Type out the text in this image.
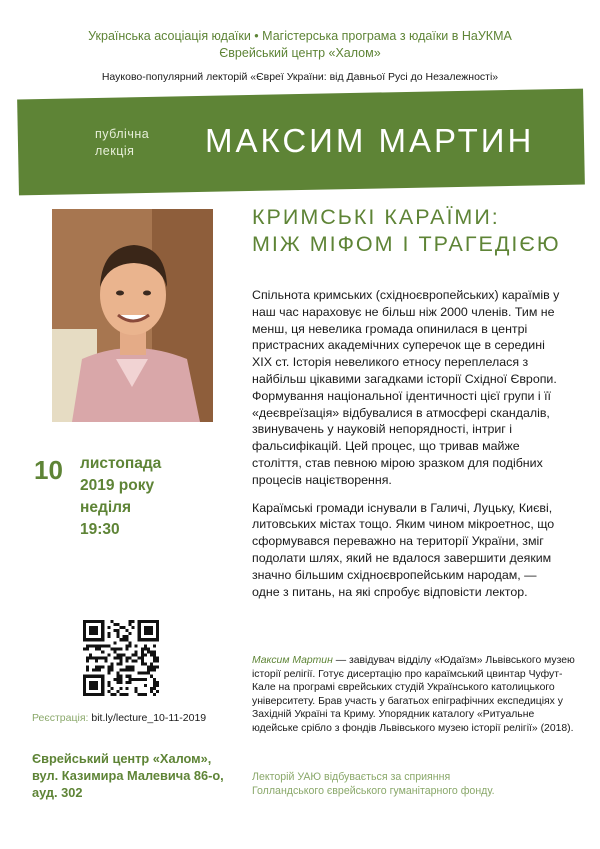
Українська асоціація юдаїки • Магістерська програма з юдаїки в НаУКМА
Єврейський центр «Халом»
Науково-популярний лекторій «Євреї України: від Давньої Русі до Незалежності»
публічна
лекція	МАКСИМ МАРТИН
КРИМСЬКІ КАРАЇМИ:
МІЖ МІФОМ І ТРАГЕДІЄЮ
10 листопада
2019 року
неділя
19:30

Спільнота кримських (східноєвропейських) караїмів у наш час нараховує не більш ніж 2000 членів. Тим не менш, ця невелика громада опинилася в центрі пристрасних академічних суперечок ще в середині XIX ст. Історія невеликого етносу переплелася з найбільш цікавими загадками історії Східної Європи. Формування національної ідентичності цієї групи і її «деєвреїзація» відбувалися в атмосфері скандалів, звинувачень у науковій непорядності, інтриг і фальсифікацій. Цей процес, що тривав майже століття, став певною мірою зразком для подібних процесів націєтворення.

Караїмські громади існували в Галичі, Луцьку, Києві, литовських містах тощо. Яким чином мікроетнос, що сформувався переважно на території України, зміг подолати шлях, який не вдалося завершити деяким значно більшим східноєвропейським народам, — одне з питань, на які спробує відповісти лектор.

Реєстрація: bit.ly/lecture_10-11-2019
Єврейський центр «Халом»,
вул. Казимира Малевича 86-о,
ауд. 302
Максим Мартин — завідувач відділу «Юдаїзм» Львівського музею історії релігії. Готує дисертацію про караїмський цвинтар Чуфут-Кале на програмі єврейських студій Українського католицького університету. Брав участь у багатьох епіграфічних експедиціях у Західній Україні та Криму. Упорядник каталогу «Ритуальне юдейське срібло з фондів Львівського музею історії релігії» (2018).
Лекторій УАЮ відбувається за сприяння
Голландського єврейського гуманітарного фонду.
